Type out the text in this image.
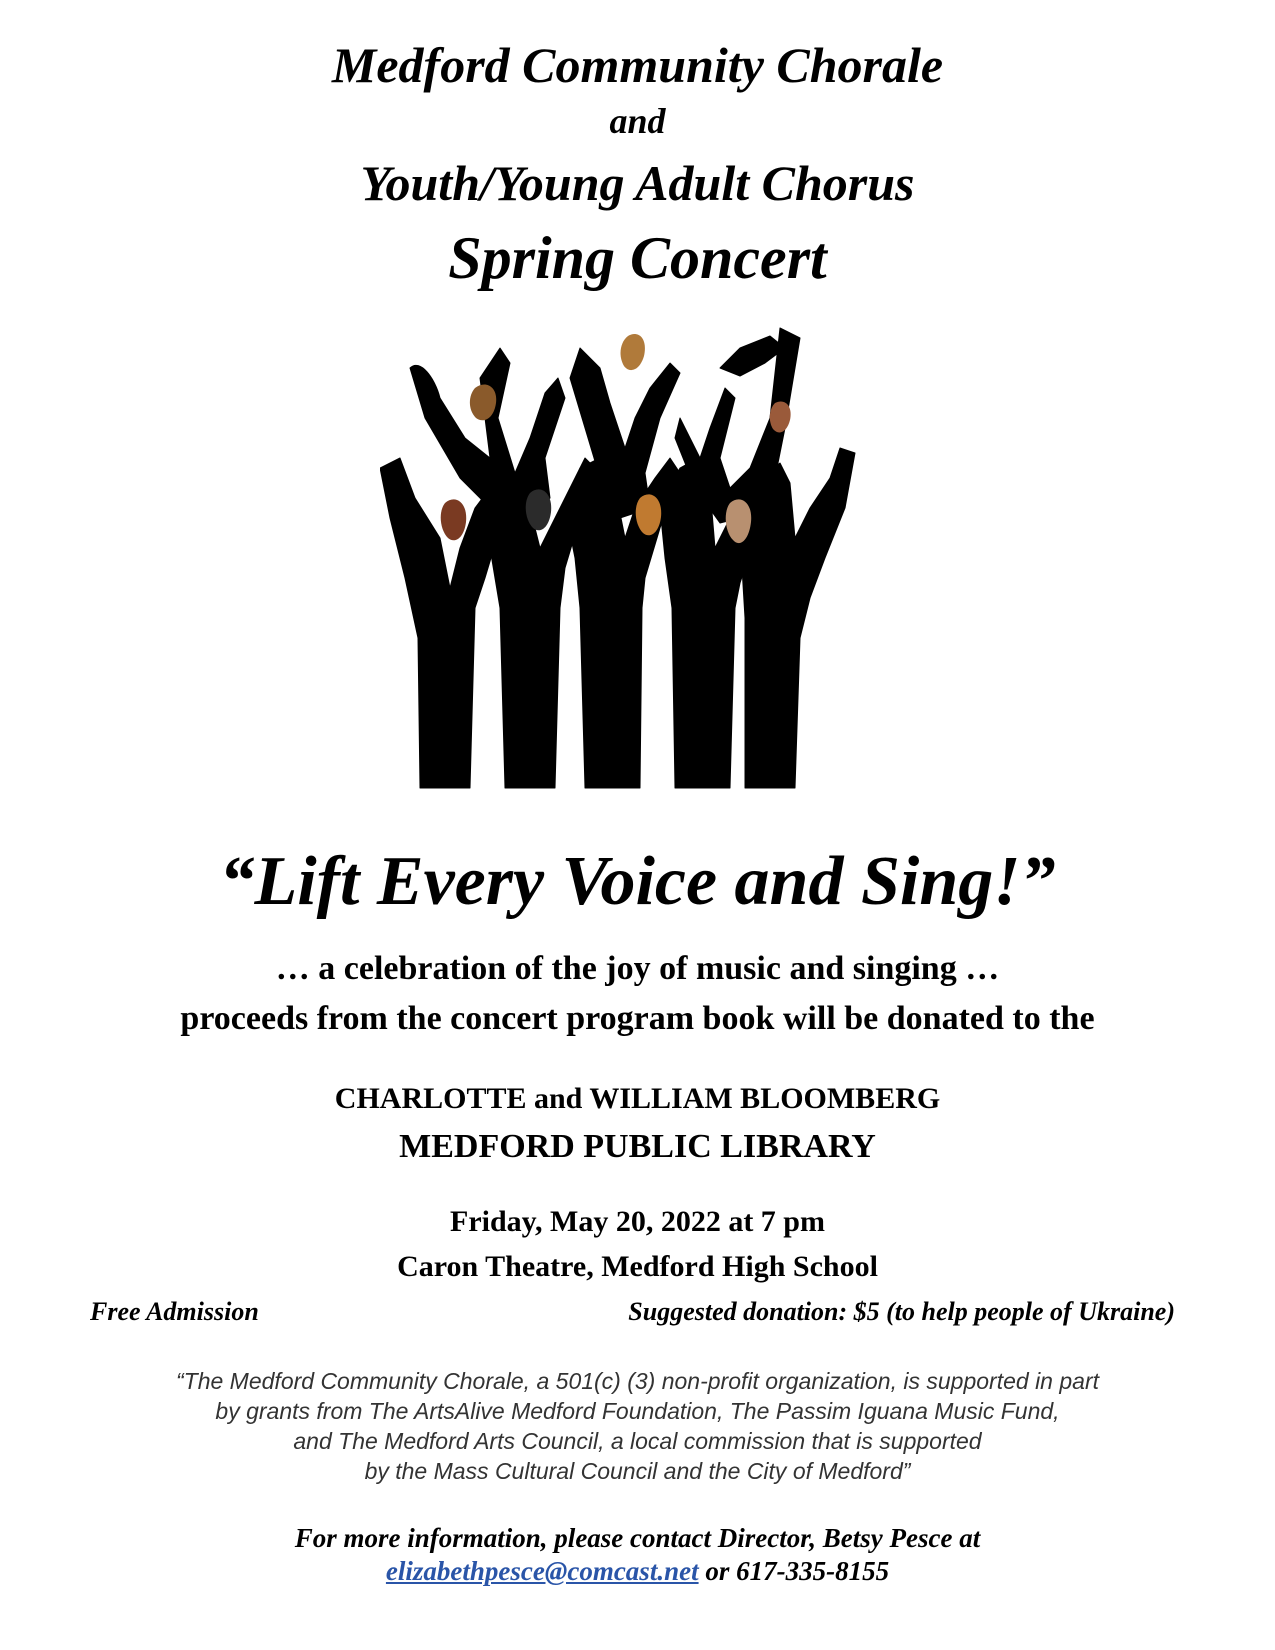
Medford Community Chorale
and
Youth/Young Adult Chorus
Spring Concert
“Lift Every Voice and Sing!”
… a celebration of the joy of music and singing …
proceeds from the concert program book will be donated to the
CHARLOTTE and WILLIAM BLOOMBERG
MEDFORD PUBLIC LIBRARY
Friday, May 20, 2022 at 7 pm
Caron Theatre, Medford High School
Free Admission	Suggested donation: $5 (to help people of Ukraine)
“The Medford Community Chorale, a 501(c) (3) non-profit organization, is supported in part
by grants from The ArtsAlive Medford Foundation, The Passim Iguana Music Fund,
and The Medford Arts Council, a local commission that is supported
by the Mass Cultural Council and the City of Medford”
For more information, please contact Director, Betsy Pesce at
elizabethpesce@comcast.net or 617-335-8155
